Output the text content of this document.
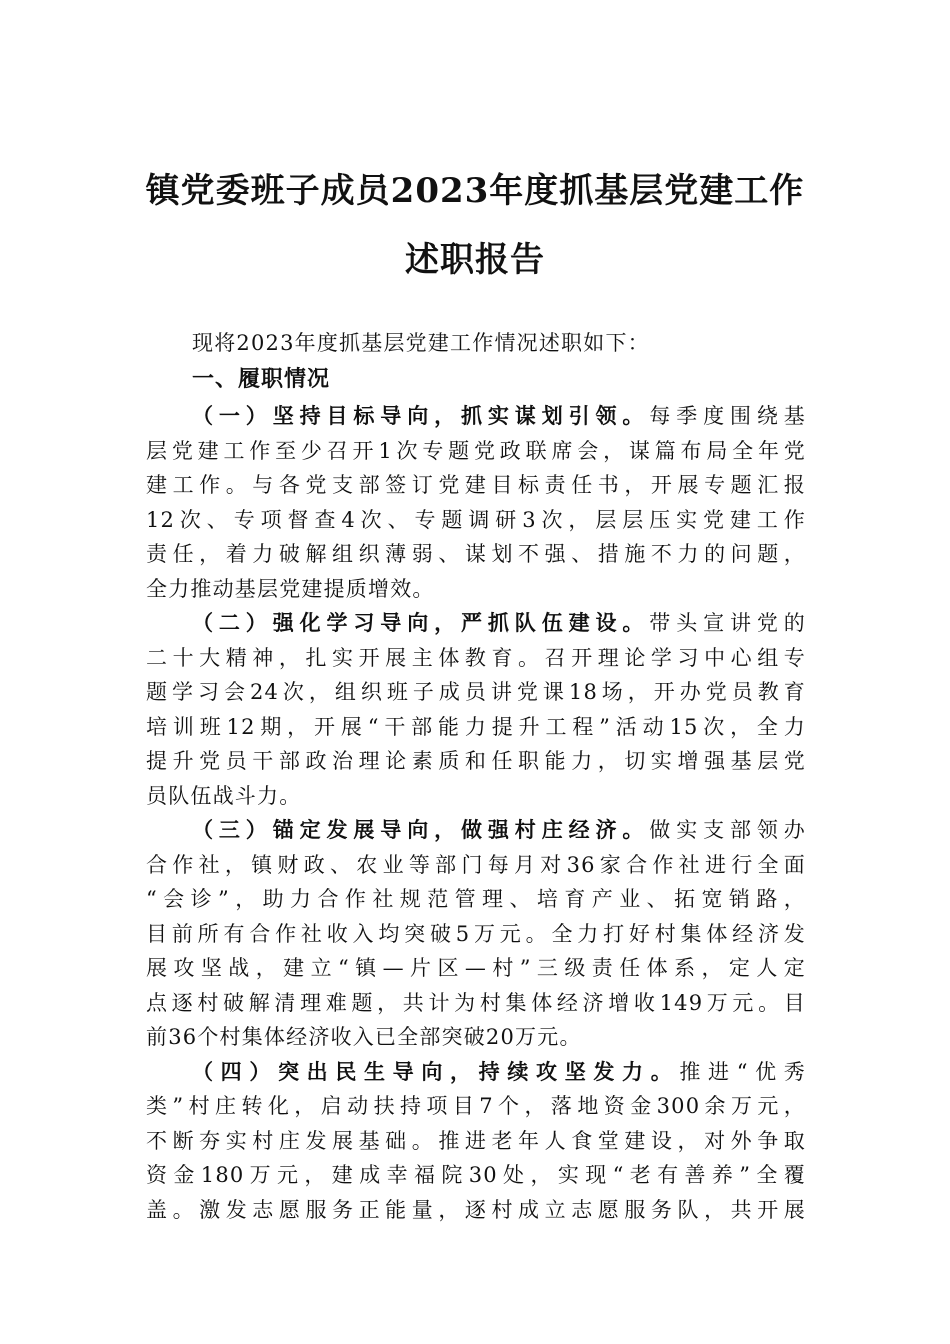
镇党委班子成员2023年度抓基层党建工作
述职报告
现将2023年度抓基层党建工作情况述职如下：
一、履职情况
（一）坚持目标导向，抓实谋划引领。每季度围绕基
层党建工作至少召开1次专题党政联席会，谋篇布局全年党
建工作。与各党支部签订党建目标责任书，开展专题汇报
12次、专项督查4次、专题调研3次，层层压实党建工作
责任，着力破解组织薄弱、谋划不强、措施不力的问题，
全力推动基层党建提质增效。
（二）强化学习导向，严抓队伍建设。带头宣讲党的
二十大精神，扎实开展主体教育。召开理论学习中心组专
题学习会24次，组织班子成员讲党课18场，开办党员教育
培训班12期，开展“干部能力提升工程”活动15次，全力
提升党员干部政治理论素质和任职能力，切实增强基层党
员队伍战斗力。
（三）锚定发展导向，做强村庄经济。做实支部领办
合作社，镇财政、农业等部门每月对36家合作社进行全面
“会诊”，助力合作社规范管理、培育产业、拓宽销路，
目前所有合作社收入均突破5万元。全力打好村集体经济发
展攻坚战，建立“镇—片区—村”三级责任体系，定人定
点逐村破解清理难题，共计为村集体经济增收149万元。目
前36个村集体经济收入已全部突破20万元。
（四）突出民生导向，持续攻坚发力。推进“优秀
类”村庄转化，启动扶持项目7个，落地资金300余万元，
不断夯实村庄发展基础。推进老年人食堂建设，对外争取
资金180万元，建成幸福院30处，实现“老有善养”全覆
盖。激发志愿服务正能量，逐村成立志愿服务队，共开展
